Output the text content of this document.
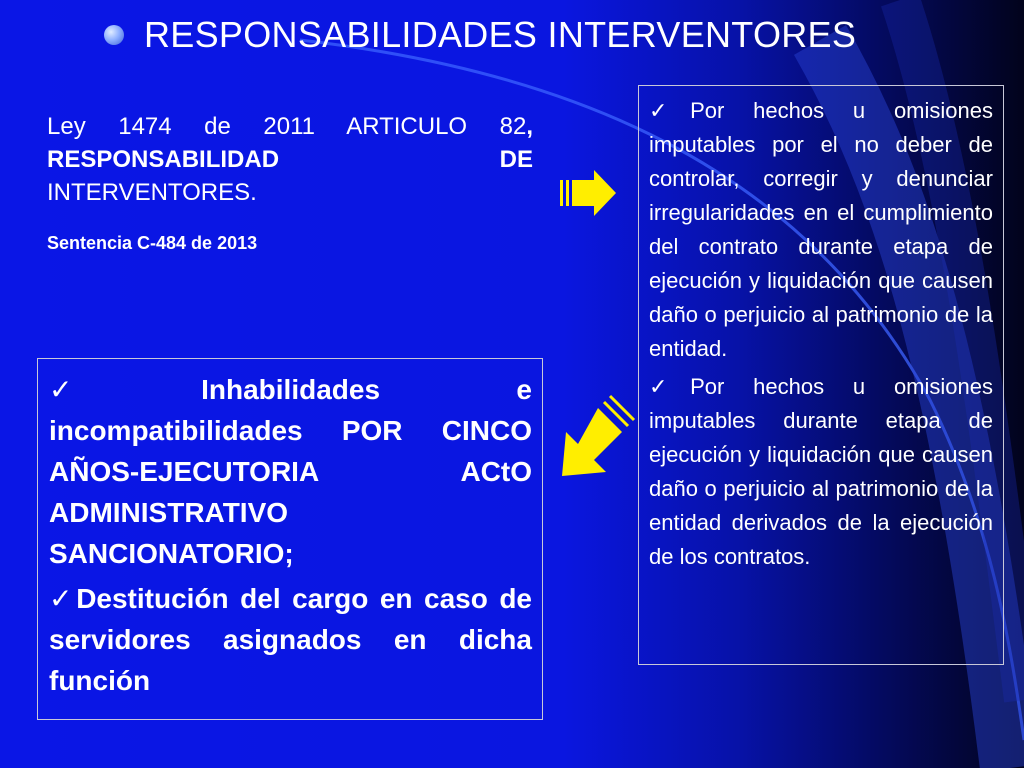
RESPONSABILIDADES INTERVENTORES
Ley 1474 de 2011 ARTICULO 82, RESPONSABILIDAD DE
INTERVENTORES.
Sentencia C-484 de 2013
✓Inhabilidades e incompatibilidades POR CINCO AÑOS-EJECUTORIA ACtO ADMINISTRATIVO SANCIONATORIO;
✓Destitución del cargo en caso de servidores asignados en dicha función
✓Por hechos u omisiones imputables por el no deber de controlar, corregir y denunciar irregularidades en el cumplimiento del contrato durante etapa de ejecución y liquidación que causen daño o perjuicio al patrimonio de la entidad.
✓Por hechos u omisiones imputables durante etapa de ejecución y liquidación que causen daño o perjuicio al patrimonio de la entidad derivados de la ejecución de los contratos.
